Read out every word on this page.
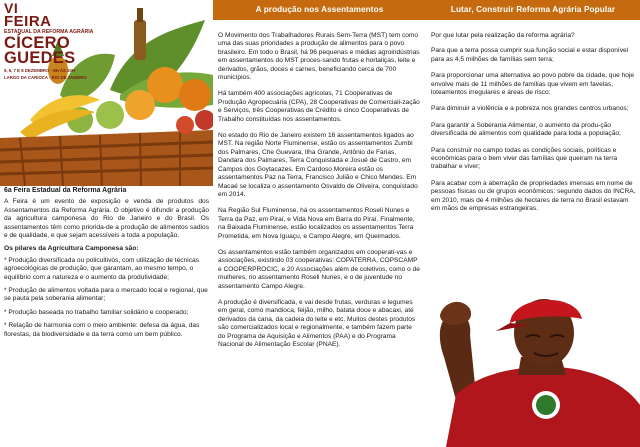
VI
FEIRA
ESTADUAL DA REFORMA AGRÁRIA
CÍCERO
GUEDES
5, 6, 7 E 8 DEZEMBRO · 8H ÀS 20H
LARGO DA CARIOCA · RIO DE JANEIRO
6a Feira Estadual da Reforma Agrária

A Feira é um evento de exposição e venda de produtos dos Assentamentos da Reforma Agrária. O objetivo é difundir a produção da agricultura camponesa do Rio de Janeiro e do Brasil. Os assentamentos têm como priorida-de a produção de alimentos sadios e de qualidade, e que sejam acessíveis a toda a população.

Os pilares da Agricultura Camponesa são:
* Produção diversificada ou policultivos, com utilização de técnicas agroecológicas de produção, que garantam, ao mesmo tempo, o equilíbrio com a natureza e o aumento da produtividade;
* Produção de alimentos voltada para o mercado local e regional, que se pauta pela soberania alimentar;
* Produção baseada no trabalho familiar solidário e cooperado;
* Relação de harmonia com o meio ambiente: defesa da água, das florestas, da biodiversidade e da terra como um bem público.
A produção nos Assentamentos

O Movimento dos Trabalhadores Rurais Sem-Terra (MST) tem como uma das suas prioridades a produção de alimentos para o povo brasileiro. Em todo o Brasil, há 96 pequenas e médias agroindústrias em assentamentos do MST proces-sando frutas e hortaliças, leite e derivados, grãos, doces e carnes, beneficiando cerca de 700 municípios.

Há também 400 associações agrícolas, 71 Cooperativas de Produção Agropecuária (CPA), 28 Cooperativas de Comerciali-zação e Serviços, três Cooperativas de Crédito e cinco Cooperativas de Trabalho constituídas nos assentamentos.

No estado do Rio de Janeiro existem 16 assentamentos ligados ao MST. Na região Norte Fluminense, estão os assentamentos Zumbi dos Palmares, Che Guevara, Ilha Grande, Antônio de Farias, Dandara dos Palmares, Terra Conquistada e Josué de Castro, em Campos dos Goytacazes. Em Cardoso Moreira estão os assentamentos Paz na Terra, Francisco Julião e Chico Mendes. Em Macaé se localiza o assentamento Osvaldo de Oliveira, conquistado em 2014.

Na Região Sul Fluminense, há os assentamentos Roseli Nunes e Terra da Paz, em Piraí, e Vida Nova em Barra do Piraí. Finalmente, na Baixada Fluminense, estão localizados os assentamentos Terra Prometida, em Nova Iguaçu, e Campo Alegre, em Queimados.

Os assentamentos estão também organizados em cooperati-vas e associações, existindo 03 cooperativas: COPATERRA, COPSCAMP e COOPERPROCIC, e 20 Associações além de coletivos, como o de mulheres, no assentamento Roseli Nunes, e o de juventude no assentamento Campo Alegre.

A produção é diversificada, e vai desde frutas, verduras e legumes em geral, como mandioca, feijão, milho, batata doce e abacaxi, até derivados da cana, da cadeia do leite e etc. Muitos destes produtos são comercializados local e regionalmente, e também fazem parte do Programa de Aquisição e Alimentos (PAA) e do Programa Nacional de Alimentação Escolar (PNAE).

Lutar, Construir Reforma Agrária Popular

Por que lutar pela realização da reforma agrária?

Para que a terra possa cumprir sua função social e estar disponível para as 4,5 milhões de famílias sem terra;

Para proporcionar uma alternativa ao povo pobre da cidade, que hoje envolve mais de 11 milhões de famílias que vivem em favelas, loteamentos irregulares e áreas de risco;

Para diminuir a violência e a pobreza nos grandes centros urbanos;

Para garantir a Soberania Alimentar, o aumento da produ-ção diversificada de alimentos com qualidade para toda a população;

Para construir no campo todas as condições sociais, políticas e econômicas para o bem viver das famílias que queiram na terra trabalhar e viver;

Para acabar com a aberração de propriedades imensas em nome de pessoas físicas ou de grupos econômicos: segundo dados do INCRA, em 2010, mais de 4 milhões de hectares de terra no Brasil estavam em mãos de empresas estrangeiras.
